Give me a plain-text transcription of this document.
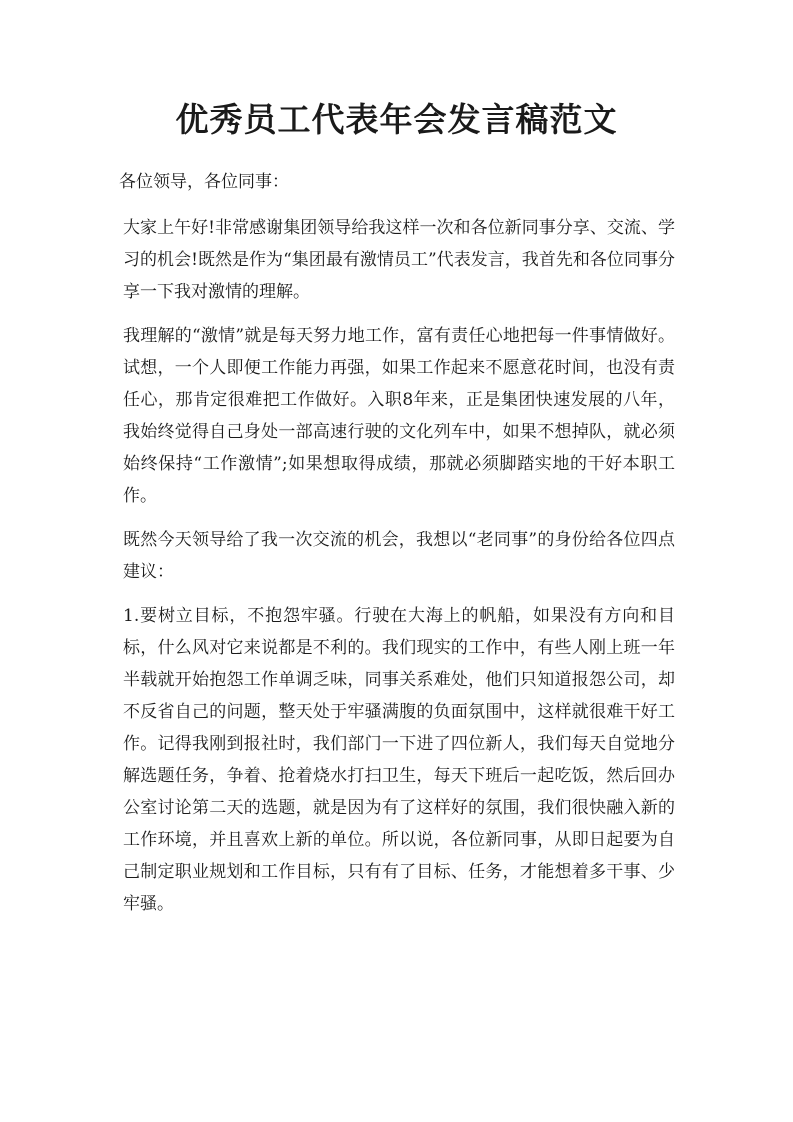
优秀员工代表年会发言稿范文

各位领导，各位同事：

大家上午好!非常感谢集团领导给我这样一次和各位新同事分享、交流、学习的机会!既然是作为“集团最有激情员工”代表发言，我首先和各位同事分享一下我对激情的理解。

我理解的“激情”就是每天努力地工作，富有责任心地把每一件事情做好。试想，一个人即便工作能力再强，如果工作起来不愿意花时间，也没有责任心，那肯定很难把工作做好。入职8年来，正是集团快速发展的八年，我始终觉得自己身处一部高速行驶的文化列车中，如果不想掉队，就必须始终保持“工作激情”;如果想取得成绩，那就必须脚踏实地的干好本职工作。

既然今天领导给了我一次交流的机会，我想以“老同事”的身份给各位四点建议：

1.要树立目标，不抱怨牢骚。行驶在大海上的帆船，如果没有方向和目标，什么风对它来说都是不利的。我们现实的工作中，有些人刚上班一年半载就开始抱怨工作单调乏味，同事关系难处，他们只知道报怨公司，却不反省自己的问题，整天处于牢骚满腹的负面氛围中，这样就很难干好工作。记得我刚到报社时，我们部门一下进了四位新人，我们每天自觉地分解选题任务，争着、抢着烧水打扫卫生，每天下班后一起吃饭，然后回办公室讨论第二天的选题，就是因为有了这样好的氛围，我们很快融入新的工作环境，并且喜欢上新的单位。所以说，各位新同事，从即日起要为自己制定职业规划和工作目标，只有有了目标、任务，才能想着多干事、少牢骚。
